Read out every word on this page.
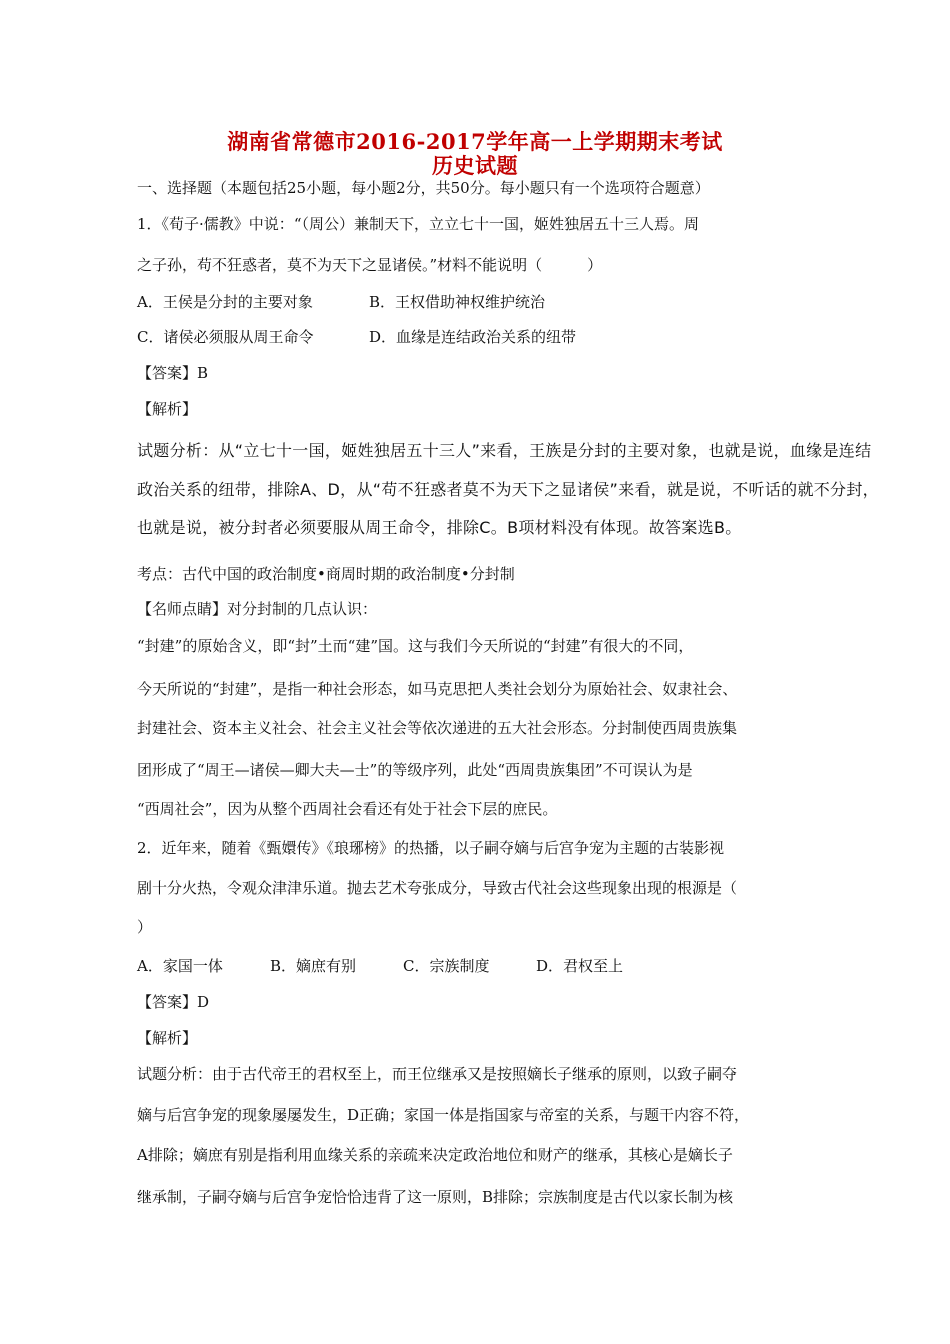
湖南省常德市2016-2017学年高一上学期期末考试
历史试题
一、选择题（本题包括25小题，每小题2分，共50分。每小题只有一个选项符合题意）
1．《荀子·儒教》中说：“（周公）兼制天下，立立七十一国，姬姓独居五十三人焉。周
之子孙，苟不狂惑者，莫不为天下之显诸侯。”材料不能说明（　　　）
A．王侯是分封的主要对象	B．王权借助神权维护统治
C．诸侯必须服从周王命令	D．血缘是连结政治关系的纽带
【答案】B
【解析】
试题分析：从“立七十一国，姬姓独居五十三人”来看，王族是分封的主要对象，也就是说，血缘是连结
政治关系的纽带，排除A、D，从“苟不狂惑者莫不为天下之显诸侯”来看，就是说，不听话的就不分封，
也就是说，被分封者必须要服从周王命令，排除C。B项材料没有体现。故答案选B。
考点：古代中国的政治制度•商周时期的政治制度•分封制
【名师点睛】对分封制的几点认识：
“封建”的原始含义，即“封”土而“建”国。这与我们今天所说的“封建”有很大的不同，
今天所说的“封建”，是指一种社会形态，如马克思把人类社会划分为原始社会、奴隶社会、
封建社会、资本主义社会、社会主义社会等依次递进的五大社会形态。分封制使西周贵族集
团形成了“周王—诸侯—卿大夫—士”的等级序列，此处“西周贵族集团”不可误认为是
“西周社会”，因为从整个西周社会看还有处于社会下层的庶民。
2．近年来，随着《甄嬛传》《琅琊榜》的热播，以子嗣夺嫡与后宫争宠为主题的古装影视
剧十分火热，令观众津津乐道。抛去艺术夸张成分，导致古代社会这些现象出现的根源是（
）
A．家国一体	B．嫡庶有别	C．宗族制度	D．君权至上
【答案】D
【解析】
试题分析：由于古代帝王的君权至上，而王位继承又是按照嫡长子继承的原则，以致子嗣夺
嫡与后宫争宠的现象屡屡发生，D正确；家国一体是指国家与帝室的关系，与题干内容不符，
A排除；嫡庶有别是指利用血缘关系的亲疏来决定政治地位和财产的继承，其核心是嫡长子
继承制，子嗣夺嫡与后宫争宠恰恰违背了这一原则，B排除；宗族制度是古代以家长制为核
